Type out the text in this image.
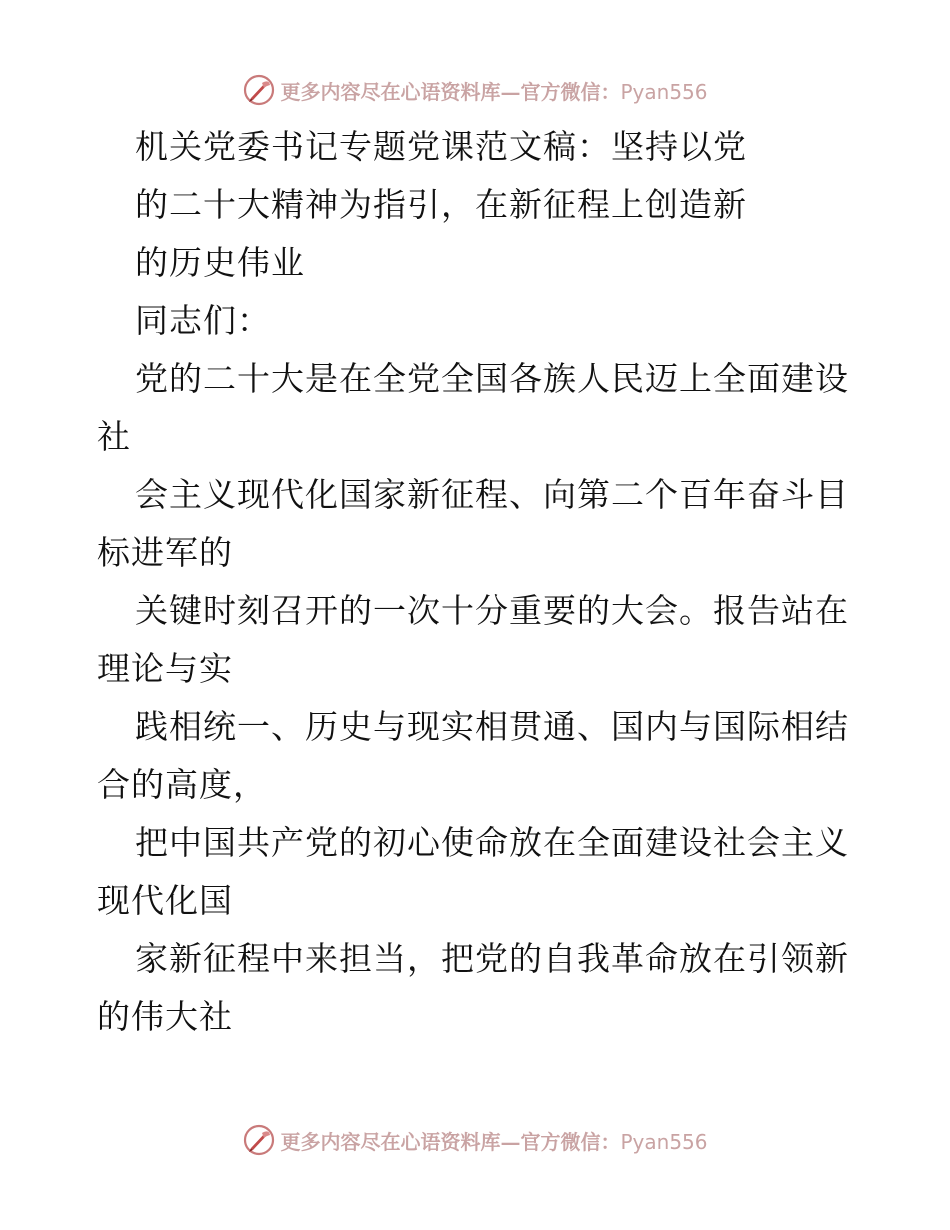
更多内容尽在心语资料库—官方微信：Pyan556
机关党委书记专题党课范文稿：坚持以党
的二十大精神为指引，在新征程上创造新
的历史伟业
同志们：
党的二十大是在全党全国各族人民迈上全面建设
社
会主义现代化国家新征程、向第二个百年奋斗目
标进军的
关键时刻召开的一次十分重要的大会。报告站在
理论与实
践相统一、历史与现实相贯通、国内与国际相结
合的高度，
把中国共产党的初心使命放在全面建设社会主义
现代化国
家新征程中来担当，把党的自我革命放在引领新
的伟大社
更多内容尽在心语资料库—官方微信：Pyan556
